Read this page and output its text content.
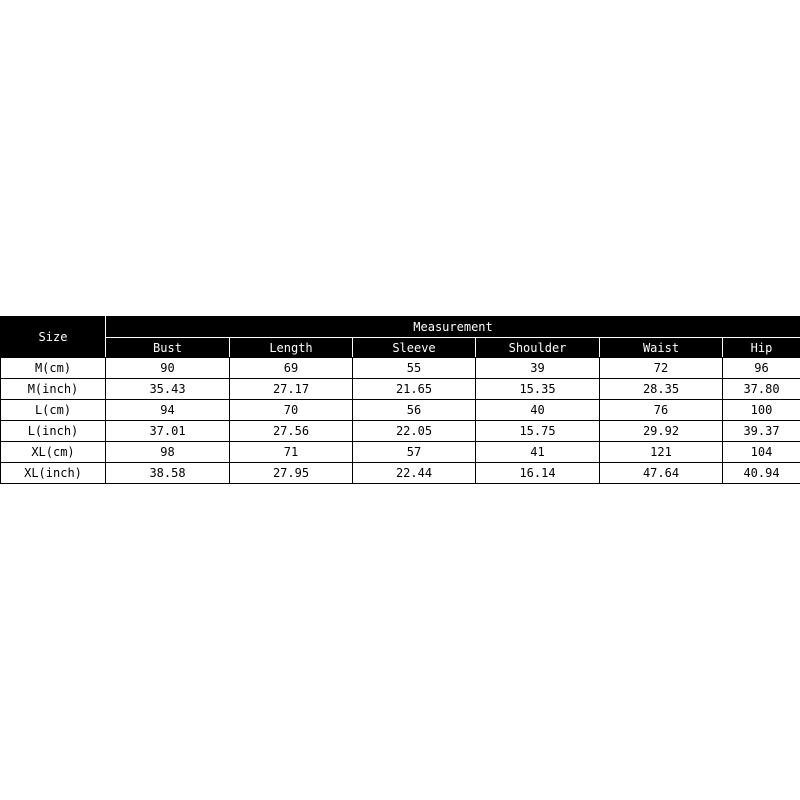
Size	Measurement					
	Bust	Length	Sleeve	Shoulder	Waist	Hip
M(cm)	90	69	55	39	72	96
M(inch)	35.43	27.17	21.65	15.35	28.35	37.80
L(cm)	94	70	56	40	76	100
L(inch)	37.01	27.56	22.05	15.75	29.92	39.37
XL(cm)	98	71	57	41	121	104
XL(inch)	38.58	27.95	22.44	16.14	47.64	40.94
